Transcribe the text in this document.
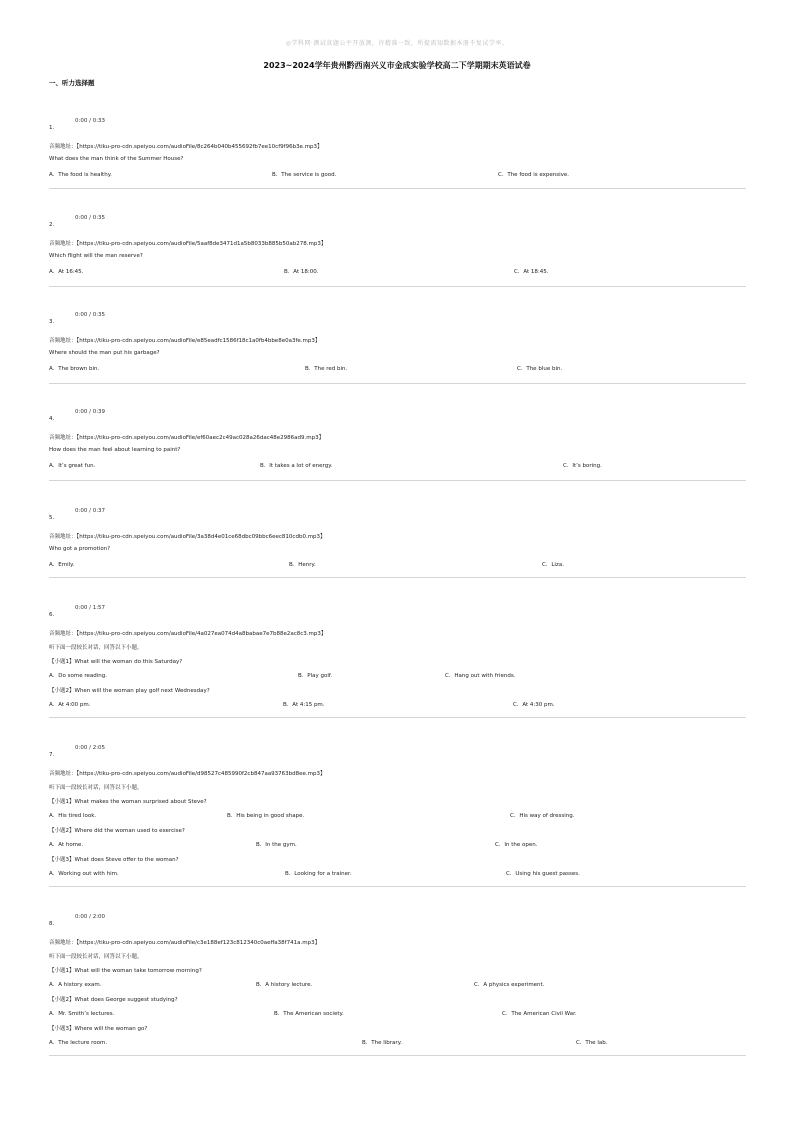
◎学科网·测试真题公平开放测，许精准一致，所提需知数据本册不复试学率。
2023~2024学年贵州黔西南兴义市金成实验学校高二下学期期末英语试卷
一、听力选择题
0:00 / 0:33
1.
音频地址：【https://tiku-pro-cdn.speiyou.com/audioFile/8c264b040b455692fb7ee10cf9f96b3e.mp3】
What does the man think of the Summer House?
A．The food is healthy.	B．The service is good.	C．The food is expensive.
0:00 / 0:35
2.
音频地址：【https://tiku-pro-cdn.speiyou.com/audioFile/5aaf8de3471d1a5b8033b885b50ab278.mp3】
Which flight will the man reserve?
A．At 16:45.	B．At 18:00.	C．At 18:45.
0:00 / 0:35
3.
音频地址：【https://tiku-pro-cdn.speiyou.com/audioFile/e85eadfc1586f18c1a0fb4bbe8e0a3fe.mp3】
Where should the man put his garbage?
A．The brown bin.	B．The red bin.	C．The blue bin.
0:00 / 0:39
4.
音频地址：【https://tiku-pro-cdn.speiyou.com/audioFile/ef60aec2c49ac028a26dac48e2986ad9.mp3】
How does the man feel about learning to paint?
A．It’s great fun.	B．It takes a lot of energy.	C．It’s boring.
0:00 / 0:37
5.
音频地址：【https://tiku-pro-cdn.speiyou.com/audioFile/3a38d4e01ce68dbc09bbc6eec810cdb0.mp3】
Who got a promotion?
A．Emily.	B．Henry.	C．Liza.
0:00 / 1:57
6.
音频地址：【https://tiku-pro-cdn.speiyou.com/audioFile/4a027ea074d4a8babae7e7b88e2ac8c3.mp3】
听下面一段较长对话，回答以下小题。
【小题1】What will the woman do this Saturday?
A．Do some reading.	B．Play golf.	C．Hang out with friends.
【小题2】When will the woman play golf next Wednesday?
A．At 4:00 pm.	B．At 4:15 pm.	C．At 4:30 pm.
0:00 / 2:05
7.
音频地址：【https://tiku-pro-cdn.speiyou.com/audioFile/d98527c485990f2cb847aa93763bd8ee.mp3】
听下面一段较长对话，回答以下小题。
【小题1】What makes the woman surprised about Steve?
A．His tired look.	B．His being in good shape.	C．His way of dressing.
【小题2】Where did the woman used to exercise?
A．At home.	B．In the gym.	C．In the open.
【小题3】What does Steve offer to the woman?
A．Working out with him.	B．Looking for a trainer.	C．Using his guest passes.
0:00 / 2:00
8.
音频地址：【https://tiku-pro-cdn.speiyou.com/audioFile/c3e188ef123c812340c0aeffa38f741a.mp3】
听下面一段较长对话，回答以下小题。
【小题1】What will the woman take tomorrow morning?
A．A history exam.	B．A history lecture.	C．A physics experiment.
【小题2】What does George suggest studying?
A．Mr. Smith’s lectures.	B．The American society.	C．The American Civil War.
【小题3】Where will the woman go?
A．The lecture room.	B．The library.	C．The lab.
